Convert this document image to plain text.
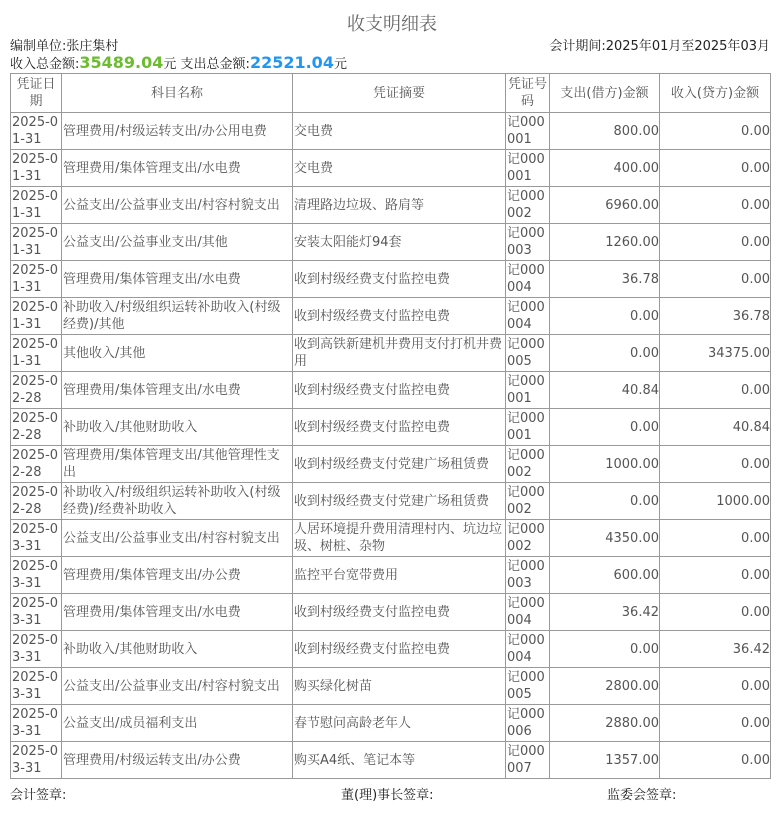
收支明细表
编制单位:张庄集村	会计期间:2025年01月至2025年03月
收入总金额:35489.04元 支出总金额:22521.04元
凭证日期	科目名称	凭证摘要	凭证号码	支出(借方)金额	收入(贷方)金额
2025-01-31	管理费用/村级运转支出/办公用电费	交电费	记000001	800.00	0.00
2025-01-31	管理费用/集体管理支出/水电费	交电费	记000001	400.00	0.00
2025-01-31	公益支出/公益事业支出/村容村貌支出	清理路边垃圾、路肩等	记000002	6960.00	0.00
2025-01-31	公益支出/公益事业支出/其他	安装太阳能灯94套	记000003	1260.00	0.00
2025-01-31	管理费用/集体管理支出/水电费	收到村级经费支付监控电费	记000004	36.78	0.00
2025-01-31	补助收入/村级组织运转补助收入(村级经费)/其他	收到村级经费支付监控电费	记000004	0.00	36.78
2025-01-31	其他收入/其他	收到高铁新建机井费用支付打机井费用	记000005	0.00	34375.00
2025-02-28	管理费用/集体管理支出/水电费	收到村级经费支付监控电费	记000001	40.84	0.00
2025-02-28	补助收入/其他财助收入	收到村级经费支付监控电费	记000001	0.00	40.84
2025-02-28	管理费用/集体管理支出/其他管理性支出	收到村级经费支付党建广场租赁费	记000002	1000.00	0.00
2025-02-28	补助收入/村级组织运转补助收入(村级经费)/经费补助收入	收到村级经费支付党建广场租赁费	记000002	0.00	1000.00
2025-03-31	公益支出/公益事业支出/村容村貌支出	人居环境提升费用清理村内、坑边垃圾、树桩、杂物	记000002	4350.00	0.00
2025-03-31	管理费用/集体管理支出/办公费	监控平台宽带费用	记000003	600.00	0.00
2025-03-31	管理费用/集体管理支出/水电费	收到村级经费支付监控电费	记000004	36.42	0.00
2025-03-31	补助收入/其他财助收入	收到村级经费支付监控电费	记000004	0.00	36.42
2025-03-31	公益支出/公益事业支出/村容村貌支出	购买绿化树苗	记000005	2800.00	0.00
2025-03-31	公益支出/成员福利支出	春节慰问高龄老年人	记000006	2880.00	0.00
2025-03-31	管理费用/村级运转支出/办公费	购买A4纸、笔记本等	记000007	1357.00	0.00
会计签章:	董(理)事长签章:	监委会签章:
